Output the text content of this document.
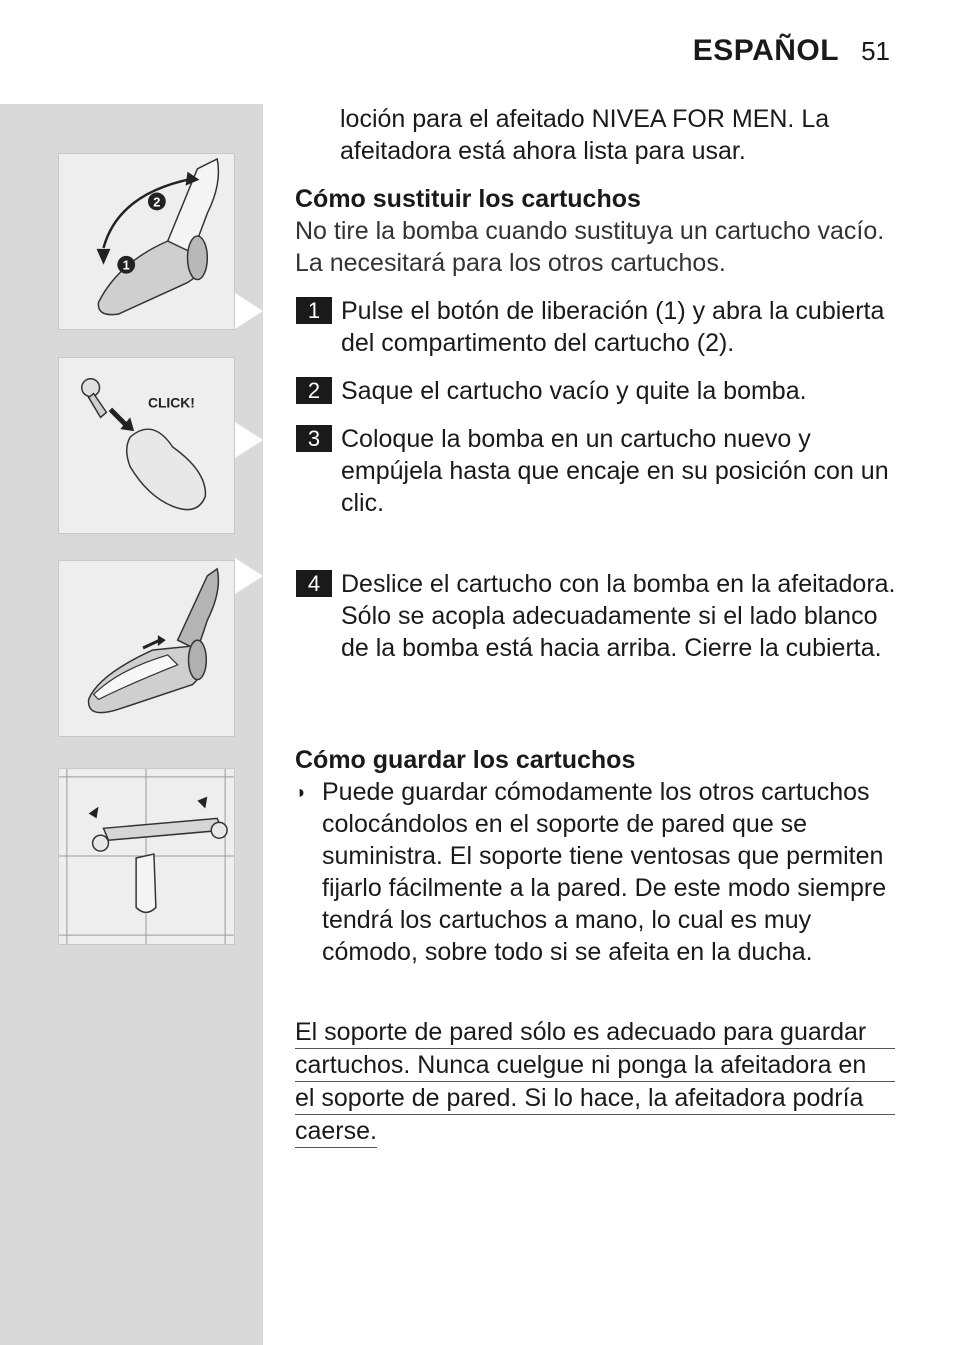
ESPAÑOL 51
2
1
CLICK!
loción para el afeitado NIVEA FOR MEN. La afeitadora está ahora lista para usar.
Cómo sustituir los cartuchos
No tire la bomba cuando sustituya un cartucho vacío. La necesitará para los otros cartuchos.
1 Pulse el botón de liberación (1) y abra la cubierta del compartimento del cartucho (2).
2 Saque el cartucho vacío y quite la bomba.
3 Coloque la bomba en un cartucho nuevo y empújela hasta que encaje en su posición con un clic.
4 Deslice el cartucho con la bomba en la afeitadora. Sólo se acopla adecuadamente si el lado blanco de la bomba está hacia arriba. Cierre la cubierta.
Cómo guardar los cartuchos
◗ Puede guardar cómodamente los otros cartuchos colocándolos en el soporte de pared que se suministra. El soporte tiene ventosas que permiten fijarlo fácilmente a la pared. De este modo siempre tendrá los cartuchos a mano, lo cual es muy cómodo, sobre todo si se afeita en la ducha.
El soporte de pared sólo es adecuado para guardar
cartuchos. Nunca cuelgue ni ponga la afeitadora en
el soporte de pared. Si lo hace, la afeitadora podría
caerse.
